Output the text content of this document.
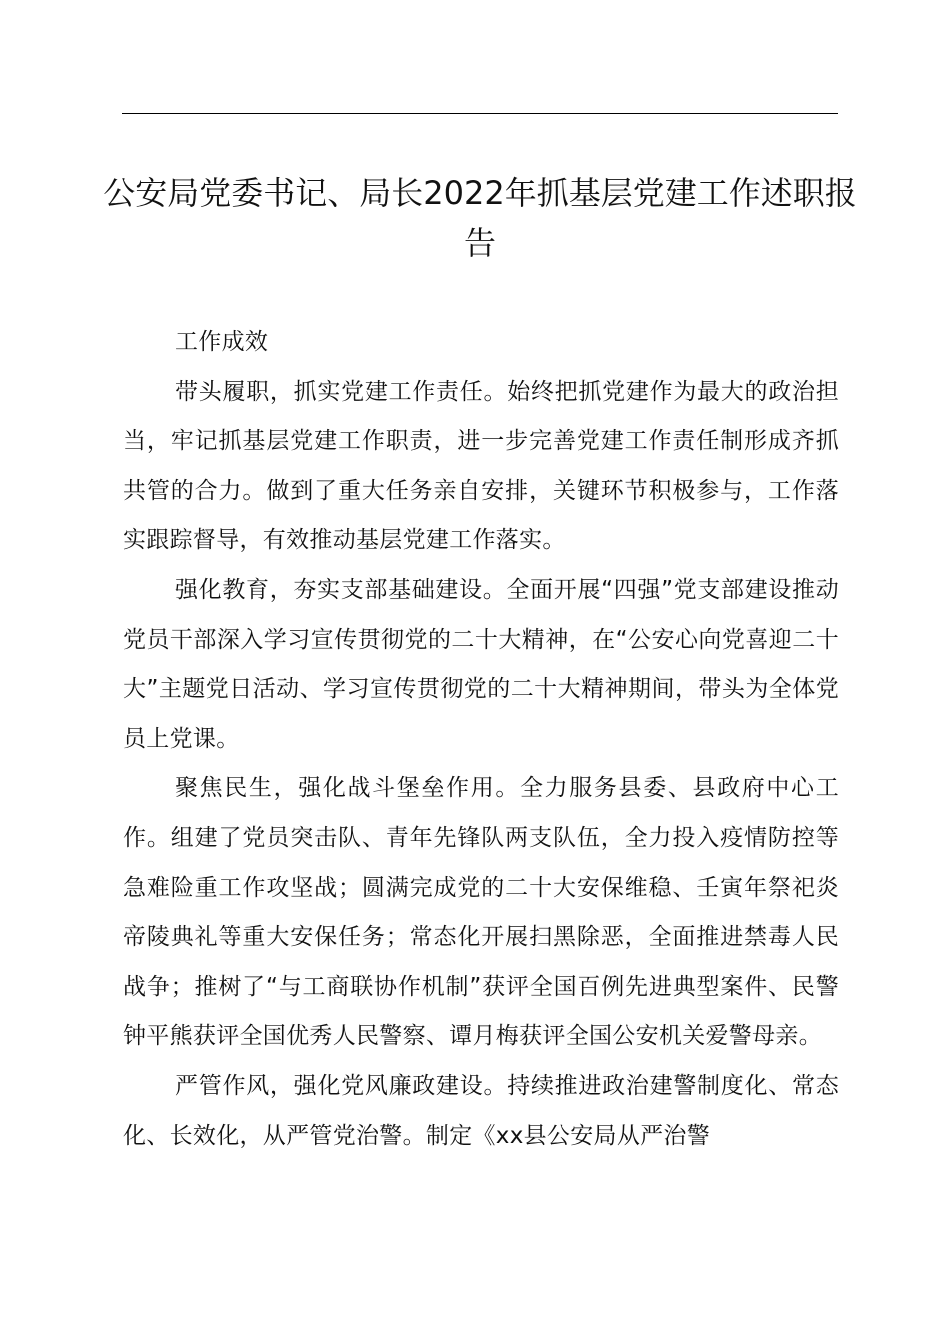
公安局党委书记、局长2022年抓基层党建工作述职报告

工作成效

带头履职，抓实党建工作责任。始终把抓党建作为最大的政治担当，牢记抓基层党建工作职责，进一步完善党建工作责任制形成齐抓共管的合力。做到了重大任务亲自安排，关键环节积极参与，工作落实跟踪督导，有效推动基层党建工作落实。

强化教育，夯实支部基础建设。全面开展“四强”党支部建设推动党员干部深入学习宣传贯彻党的二十大精神，在“公安心向党喜迎二十大”主题党日活动、学习宣传贯彻党的二十大精神期间，带头为全体党员上党课。

聚焦民生，强化战斗堡垒作用。全力服务县委、县政府中心工作。组建了党员突击队、青年先锋队两支队伍，全力投入疫情防控等急难险重工作攻坚战；圆满完成党的二十大安保维稳、壬寅年祭祀炎帝陵典礼等重大安保任务；常态化开展扫黑除恶，全面推进禁毒人民战争；推树了“与工商联协作机制”获评全国百例先进典型案件、民警钟平熊获评全国优秀人民警察、谭月梅获评全国公安机关爱警母亲。

严管作风，强化党风廉政建设。持续推进政治建警制度化、常态化、长效化，从严管党治警。制定《xx县公安局从严治警
